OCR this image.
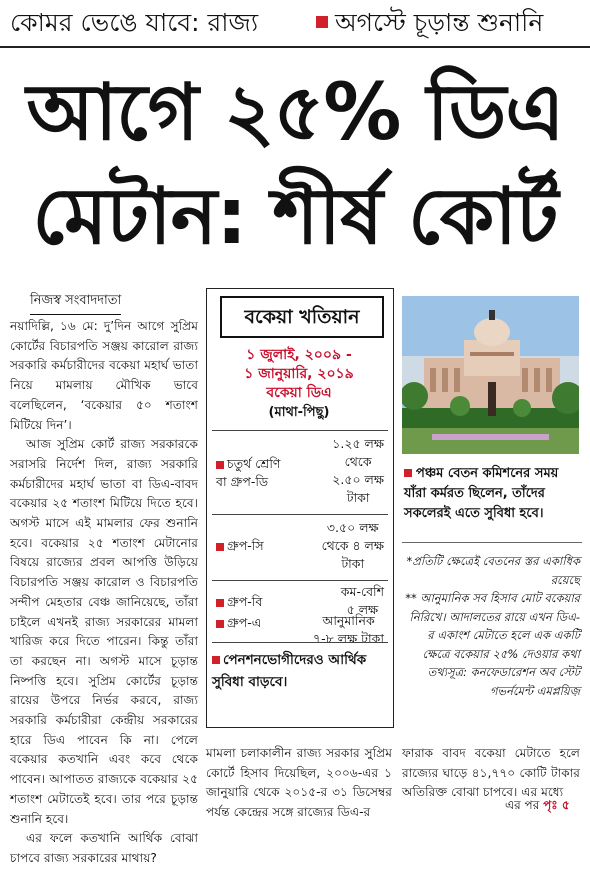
কোমর ভেঙে যাবে: রাজ্য	অগস্টে চূড়ান্ত শুনানি
আগে ২৫% ডিএ
মেটান: শীর্ষ কোর্ট
নিজস্ব সংবাদদাতা

নয়াদিল্লি, ১৬ মে: দু’দিন আগে সুপ্রিম কোর্টের বিচারপতি সঞ্জয় কারোল রাজ্য সরকারি কর্মচারীদের বকেয়া মহার্ঘ ভাতা নিয়ে মামলায় মৌখিক ভাবে বলেছিলেন, ‘বকেয়ার ৫০ শতাংশ মিটিয়ে দিন’।

আজ সুপ্রিম কোর্ট রাজ্য সরকারকে সরাসরি নির্দেশ দিল, রাজ্য সরকারি কর্মচারীদের মহার্ঘ ভাতা বা ডিএ-বাবদ বকেয়ার ২৫ শতাংশ মিটিয়ে দিতে হবে। অগস্ট মাসে এই মামলার ফের শুনানি হবে। বকেয়ার ২৫ শতাংশ মেটানোর বিষয়ে রাজ্যের প্রবল আপত্তি উড়িয়ে বিচারপতি সঞ্জয় কারোল ও বিচারপতি সন্দীপ মেহতার বেঞ্চ জানিয়েছে, তাঁরা চাইলে এখনই রাজ্য সরকারের মামলা খারিজ করে দিতে পারেন। কিন্তু তাঁরা তা করছেন না। অগস্ট মাসে চূড়ান্ত নিষ্পত্তি হবে। সুপ্রিম কোর্টের চূড়ান্ত রায়ের উপরে নির্ভর করবে, রাজ্য সরকারি কর্মচারীরা কেন্দ্রীয় সরকারের হারে ডিএ পাবেন কি না। পেলে বকেয়ার কতখানি এবং কবে থেকে পাবেন। আপাতত রাজ্যকে বকেয়ার ২৫ শতাংশ মেটাতেই হবে। তার পরে চূড়ান্ত শুনানি হবে।

এর ফলে কতখানি আর্থিক বোঝা চাপবে রাজ্য সরকারের মাথায়?

বকেয়া খতিয়ান
১ জুলাই, ২০০৯ -
১ জানুয়ারি, ২০১৯
বকেয়া ডিএ
(মাথা-পিছু)
চতুর্থ শ্রেণি
বা গ্রুপ-ডি
১.২৫ লক্ষ
থেকে
২.৫০ লক্ষ
টাকা
গ্রুপ-সি
৩.৫০ লক্ষ
থেকে ৪ লক্ষ
টাকা
গ্রুপ-বি
কম-বেশি
৫ লক্ষ
গ্রুপ-এ	আনুমানিক
৭-৮ লক্ষ টাকা
পেনশনভোগীদেরও আর্থিক সুবিধা বাড়বে।
পঞ্চম বেতন কমিশনের সময় যাঁরা কর্মরত ছিলেন, তাঁদের সকলেরই এতে সুবিধা হবে।

*প্রতিটি ক্ষেত্রেই বেতনের স্তর একাধিক রয়েছে

** আনুমানিক সব হিসাব মোট বকেয়ার নিরিখে। আদালতের রায়ে এখন ডিএ-র একাংশ মেটাতে হলে এক একটি ক্ষেত্রে বকেয়ার ২৫% দেওয়ার কথা

তথ্যসূত্র: কনফেডারেশন অব স্টেট গভর্নমেন্ট এমপ্লয়িজ়

মামলা চলাকালীন রাজ্য সরকার সুপ্রিম কোর্টে হিসাব দিয়েছিল, ২০০৬-এর ১ জানুয়ারি থেকে ২০১৫-র ৩১ ডিসেম্বর পর্যন্ত কেন্দ্রের সঙ্গে রাজ্যের ডিএ-র
ফারাক বাবদ বকেয়া মেটাতে হলে রাজ্যের ঘাড়ে ৪১,৭৭০ কোটি টাকার অতিরিক্ত বোঝা চাপবে। এর মধ্যে
এর পর পৃঃ ৫
